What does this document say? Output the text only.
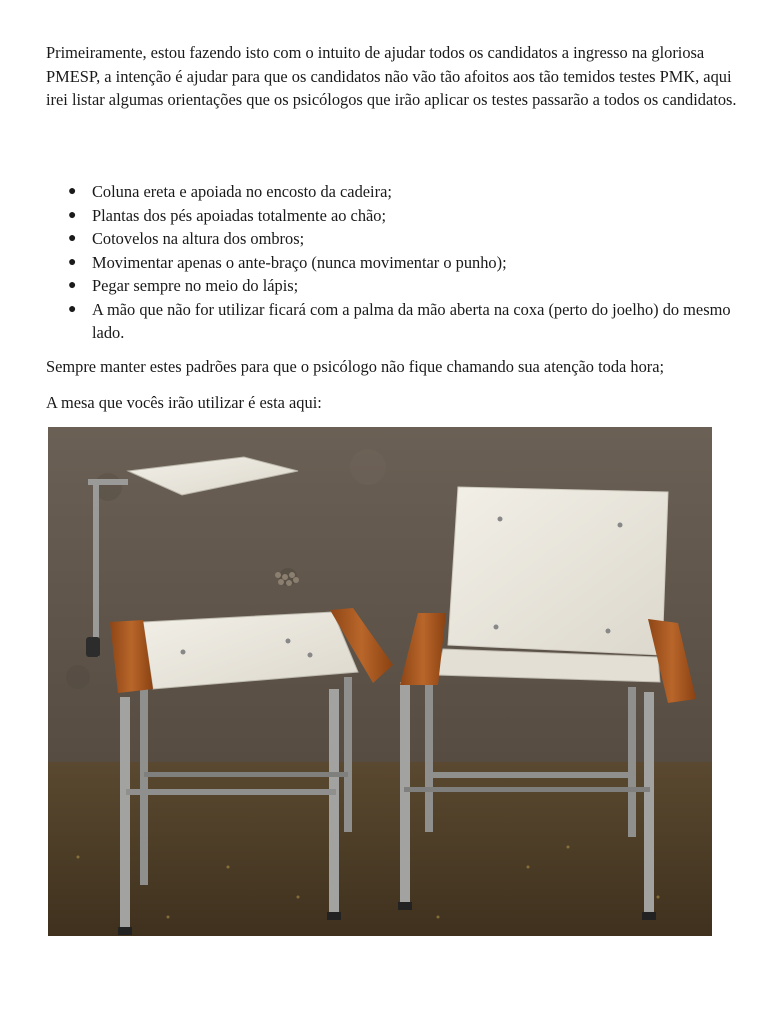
Primeiramente, estou fazendo isto com o intuito de ajudar todos os candidatos a ingresso na gloriosa PMESP, a intenção é ajudar para que os candidatos não vão tão afoitos aos tão temidos testes PMK, aqui irei listar algumas orientações que os psicólogos que irão aplicar os testes passarão a todos os candidatos.

● Coluna ereta e apoiada no encosto da cadeira;
● Plantas dos pés apoiadas totalmente ao chão;
● Cotovelos na altura dos ombros;
● Movimentar apenas o ante-braço (nunca movimentar o punho);
● Pegar sempre no meio do lápis;
● A mão que não for utilizar ficará com a palma da mão aberta na coxa (perto do joelho) do mesmo lado.

Sempre manter estes padrões para que o psicólogo não fique chamando sua atenção toda hora;

A mesa que vocês irão utilizar é esta aqui:
